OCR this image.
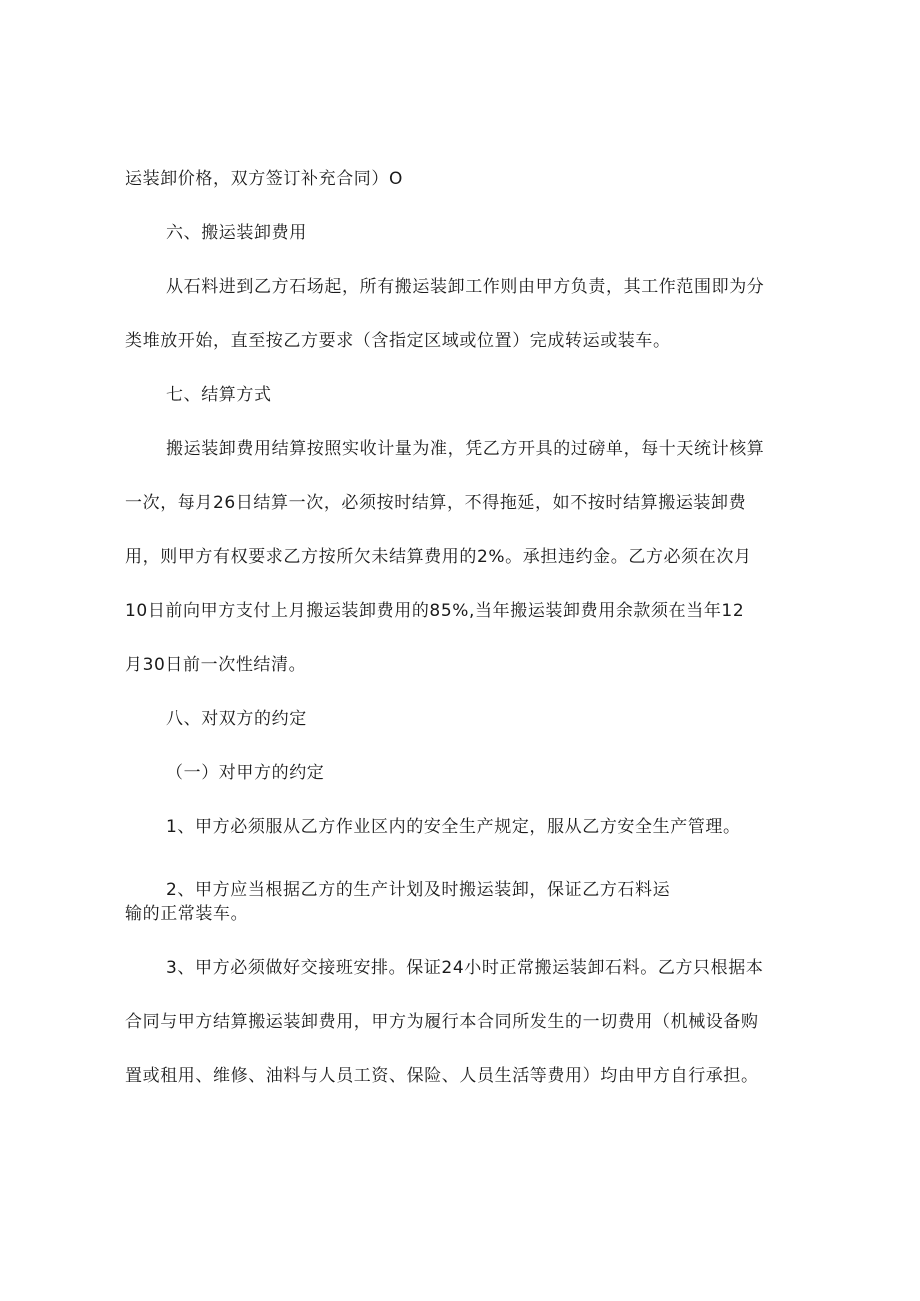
运装卸价格，双方签订补充合同）O
六、搬运装卸费用
从石料进到乙方石场起，所有搬运装卸工作则由甲方负责，其工作范围即为分
类堆放开始，直至按乙方要求（含指定区域或位置）完成转运或装车。
七、结算方式
搬运装卸费用结算按照实收计量为准，凭乙方开具的过磅单，每十天统计核算
一次，每月26日结算一次，必须按时结算，不得拖延，如不按时结算搬运装卸费
用，则甲方有权要求乙方按所欠未结算费用的2%。承担违约金。乙方必须在次月
10日前向甲方支付上月搬运装卸费用的85%,当年搬运装卸费用余款须在当年12
月30日前一次性结清。
八、对双方的约定
（一）对甲方的约定
1、甲方必须服从乙方作业区内的安全生产规定，服从乙方安全生产管理。
2、甲方应当根据乙方的生产计划及时搬运装卸，保证乙方石料运
输的正常装车。
3、甲方必须做好交接班安排。保证24小时正常搬运装卸石料。乙方只根据本
合同与甲方结算搬运装卸费用，甲方为履行本合同所发生的一切费用（机械设备购
置或租用、维修、油料与人员工资、保险、人员生活等费用）均由甲方自行承担。
